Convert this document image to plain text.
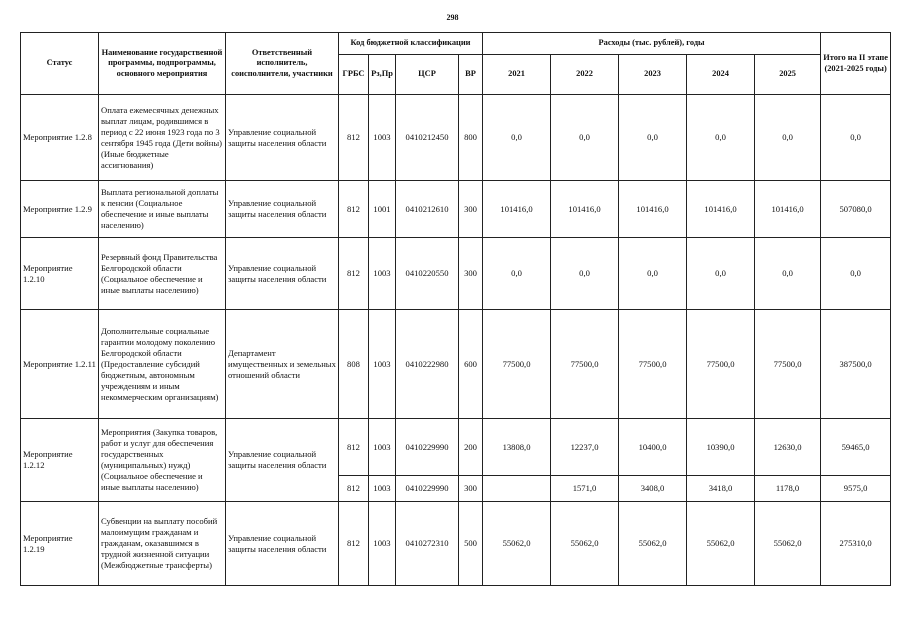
298
Статус	Наименование государственной программы, подпрограммы, основного мероприятия	Ответственный исполнитель, соисполнители, участники	Код бюджетной классификации				Расходы (тыс. рублей), годы					Итого на II этапе (2021-2025 годы)
			ГРБС	Рз,Пр	ЦСР	ВР	2021	2022	2023	2024	2025	
Мероприятие 1.2.8	Оплата ежемесячных денежных выплат лицам, родившимся в период с 22 июня 1923 года по 3 сентября 1945 года (Дети войны) (Иные бюджетные ассигнования)	Управление социальной защиты населения области	812	1003	0410212450	800	0,0	0,0	0,0	0,0	0,0	0,0
Мероприятие 1.2.9	Выплата региональной доплаты к пенсии (Социальное обеспечение и иные выплаты населению)	Управление социальной защиты населения области	812	1001	0410212610	300	101416,0	101416,0	101416,0	101416,0	101416,0	507080,0
Мероприятие 1.2.10	Резервный фонд Правительства Белгородской области (Социальное обеспечение и иные выплаты населению)	Управление социальной защиты населения области	812	1003	0410220550	300	0,0	0,0	0,0	0,0	0,0	0,0
Мероприятие 1.2.11	Дополнительные социальные гарантии молодому поколению Белгородской области (Предоставление субсидий бюджетным, автономным учреждениям и иным некоммерческим организациям)	Департамент имущественных и земельных отношений области	808	1003	0410222980	600	77500,0	77500,0	77500,0	77500,0	77500,0	387500,0
Мероприятие 1.2.12	Мероприятия (Закупка товаров, работ и услуг для обеспечения государственных (муниципальных) нужд) (Социальное обеспечение и иные выплаты населению)	Управление социальной защиты населения области	812	1003	0410229990	200	13808,0	12237,0	10400,0	10390,0	12630,0	59465,0
			812	1003	0410229990	300		1571,0	3408,0	3418,0	1178,0	9575,0
Мероприятие 1.2.19	Субвенции на выплату пособий малоимущим гражданам и гражданам, оказавшимся в трудной жизненной ситуации (Межбюджетные трансферты)	Управление социальной защиты населения области	812	1003	0410272310	500	55062,0	55062,0	55062,0	55062,0	55062,0	275310,0
